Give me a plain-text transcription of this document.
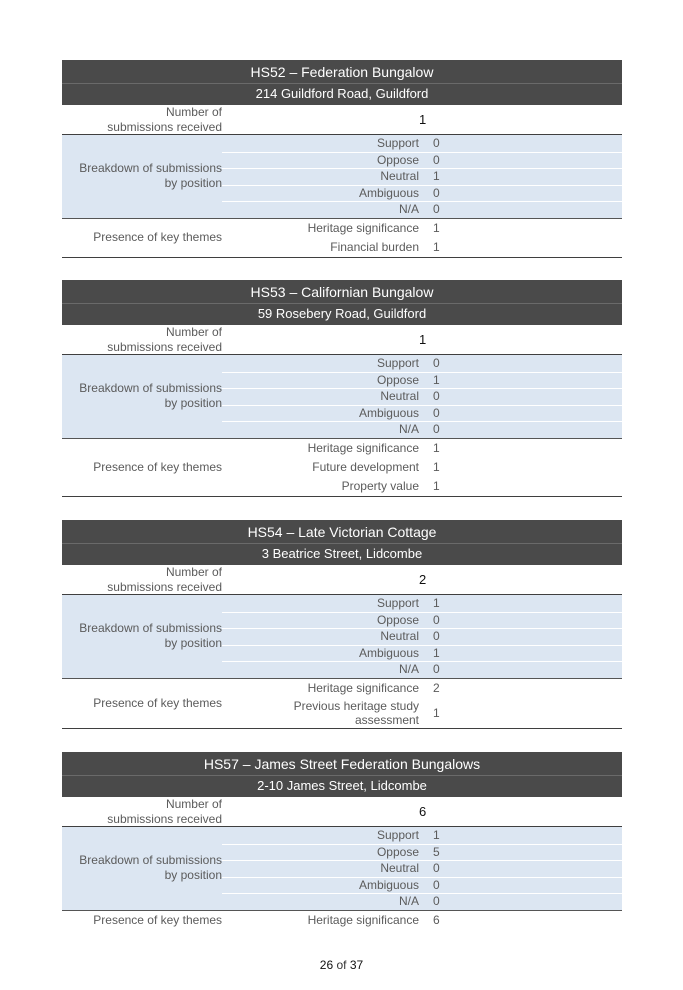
HS52 – Federation Bungalow
214 Guildford Road, Guildford
Number of
submissions received	1
Breakdown of submissions
by position
Support	0
Oppose	0
Neutral	1
Ambiguous	0
N/A	0
Presence of key themes
Heritage significance	1
Financial burden	1
HS53 – Californian Bungalow
59 Rosebery Road, Guildford
Number of
submissions received	1
Breakdown of submissions
by position
Support	0
Oppose	1
Neutral	0
Ambiguous	0
N/A	0
Presence of key themes
Heritage significance	1
Future development	1
Property value	1
HS54 – Late Victorian Cottage
3 Beatrice Street, Lidcombe
Number of
submissions received	2
Breakdown of submissions
by position
Support	1
Oppose	0
Neutral	0
Ambiguous	1
N/A	0
Presence of key themes
Heritage significance	2
Previous heritage study
assessment	1
HS57 – James Street Federation Bungalows
2-10 James Street, Lidcombe
Number of
submissions received	6
Breakdown of submissions
by position
Support	1
Oppose	5
Neutral	0
Ambiguous	0
N/A	0
Presence of key themes	Heritage significance	6
26 of 37
